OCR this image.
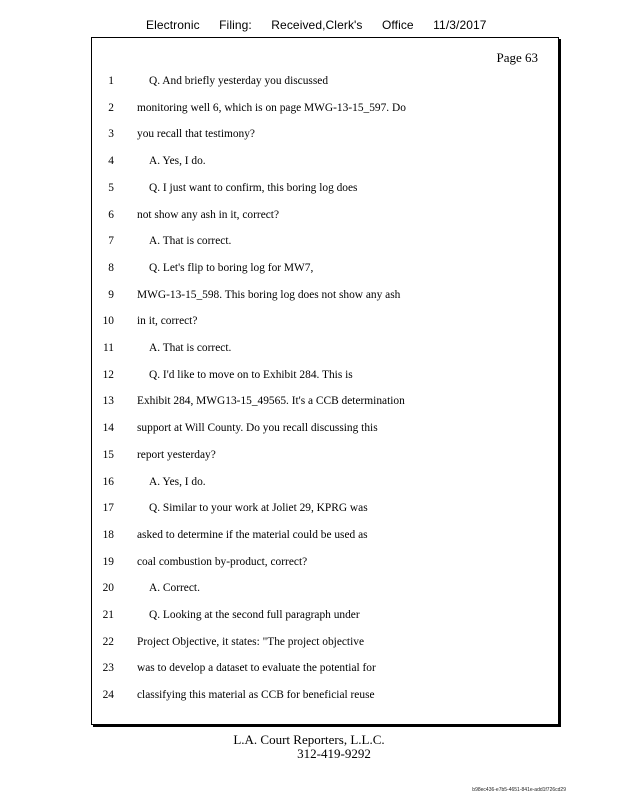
Electronic Filing: Received,Clerk's Office 11/3/2017
Page 63
1	Q. And briefly yesterday you discussed
2 monitoring well 6, which is on page MWG-13-15_597. Do
3 you recall that testimony?
4	A. Yes, I do.
5	Q. I just want to confirm, this boring log does
6 not show any ash in it, correct?
7	A. That is correct.
8	Q. Let's flip to boring log for MW7,
9 MWG-13-15_598. This boring log does not show any ash
10 in it, correct?
11	A. That is correct.
12	Q. I'd like to move on to Exhibit 284. This is
13 Exhibit 284, MWG13-15_49565. It's a CCB determination
14 support at Will County. Do you recall discussing this
15 report yesterday?
16	A. Yes, I do.
17	Q. Similar to your work at Joliet 29, KPRG was
18 asked to determine if the material could be used as
19 coal combustion by-product, correct?
20	A. Correct.
21	Q. Looking at the second full paragraph under
22 Project Objective, it states: "The project objective
23 was to develop a dataset to evaluate the potential for
24 classifying this material as CCB for beneficial reuse
L.A. Court Reporters, L.L.C.

312-419-9292
b98ec436-e7b5-4651-841e-add1f726cd29
